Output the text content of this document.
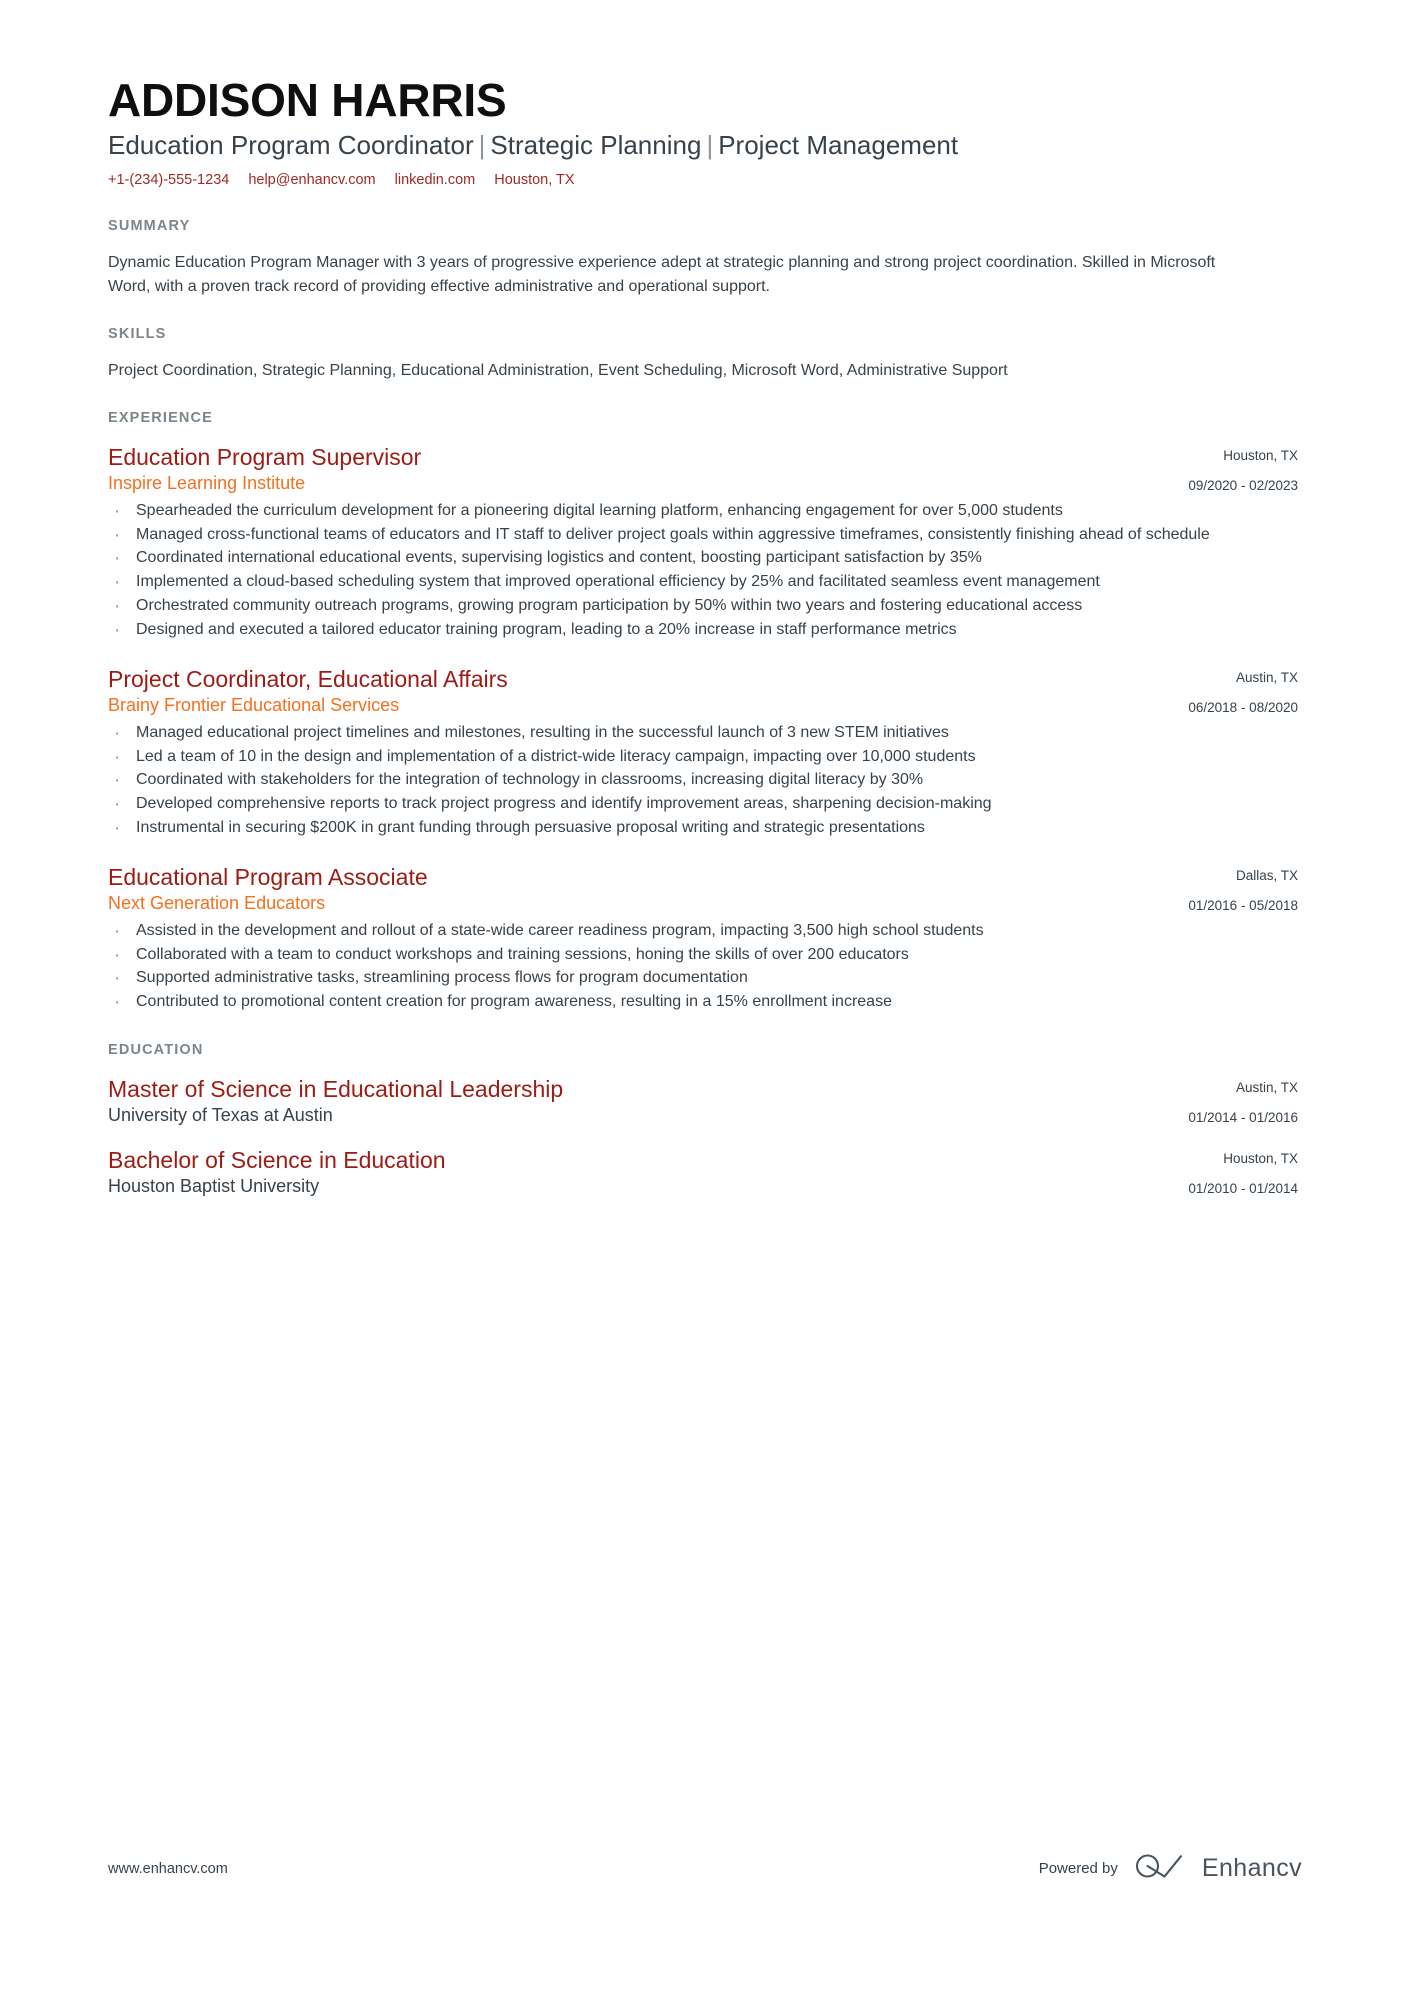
ADDISON HARRIS
Education Program Coordinator | Strategic Planning | Project Management
+1-(234)-555-1234 help@enhancv.com linkedin.com Houston, TX
SUMMARY
Dynamic Education Program Manager with 3 years of progressive experience adept at strategic planning and strong project coordination. Skilled in Microsoft Word, with a proven track record of providing effective administrative and operational support.
SKILLS
Project Coordination, Strategic Planning, Educational Administration, Event Scheduling, Microsoft Word, Administrative Support
EXPERIENCE
Education Program Supervisor
Inspire Learning Institute
Houston, TX
09/2020 - 02/2023
· Spearheaded the curriculum development for a pioneering digital learning platform, enhancing engagement for over 5,000 students
· Managed cross-functional teams of educators and IT staff to deliver project goals within aggressive timeframes, consistently finishing ahead of schedule
· Coordinated international educational events, supervising logistics and content, boosting participant satisfaction by 35%
· Implemented a cloud-based scheduling system that improved operational efficiency by 25% and facilitated seamless event management
· Orchestrated community outreach programs, growing program participation by 50% within two years and fostering educational access
· Designed and executed a tailored educator training program, leading to a 20% increase in staff performance metrics
Project Coordinator, Educational Affairs
Brainy Frontier Educational Services
Austin, TX
06/2018 - 08/2020
· Managed educational project timelines and milestones, resulting in the successful launch of 3 new STEM initiatives
· Led a team of 10 in the design and implementation of a district-wide literacy campaign, impacting over 10,000 students
· Coordinated with stakeholders for the integration of technology in classrooms, increasing digital literacy by 30%
· Developed comprehensive reports to track project progress and identify improvement areas, sharpening decision-making
· Instrumental in securing $200K in grant funding through persuasive proposal writing and strategic presentations
Educational Program Associate
Next Generation Educators
Dallas, TX
01/2016 - 05/2018
· Assisted in the development and rollout of a state-wide career readiness program, impacting 3,500 high school students
· Collaborated with a team to conduct workshops and training sessions, honing the skills of over 200 educators
· Supported administrative tasks, streamlining process flows for program documentation
· Contributed to promotional content creation for program awareness, resulting in a 15% enrollment increase
EDUCATION
Master of Science in Educational Leadership
University of Texas at Austin
Austin, TX
01/2014 - 01/2016
Bachelor of Science in Education
Houston Baptist University
Houston, TX
01/2010 - 01/2014
www.enhancv.com	Powered by	Enhancv
